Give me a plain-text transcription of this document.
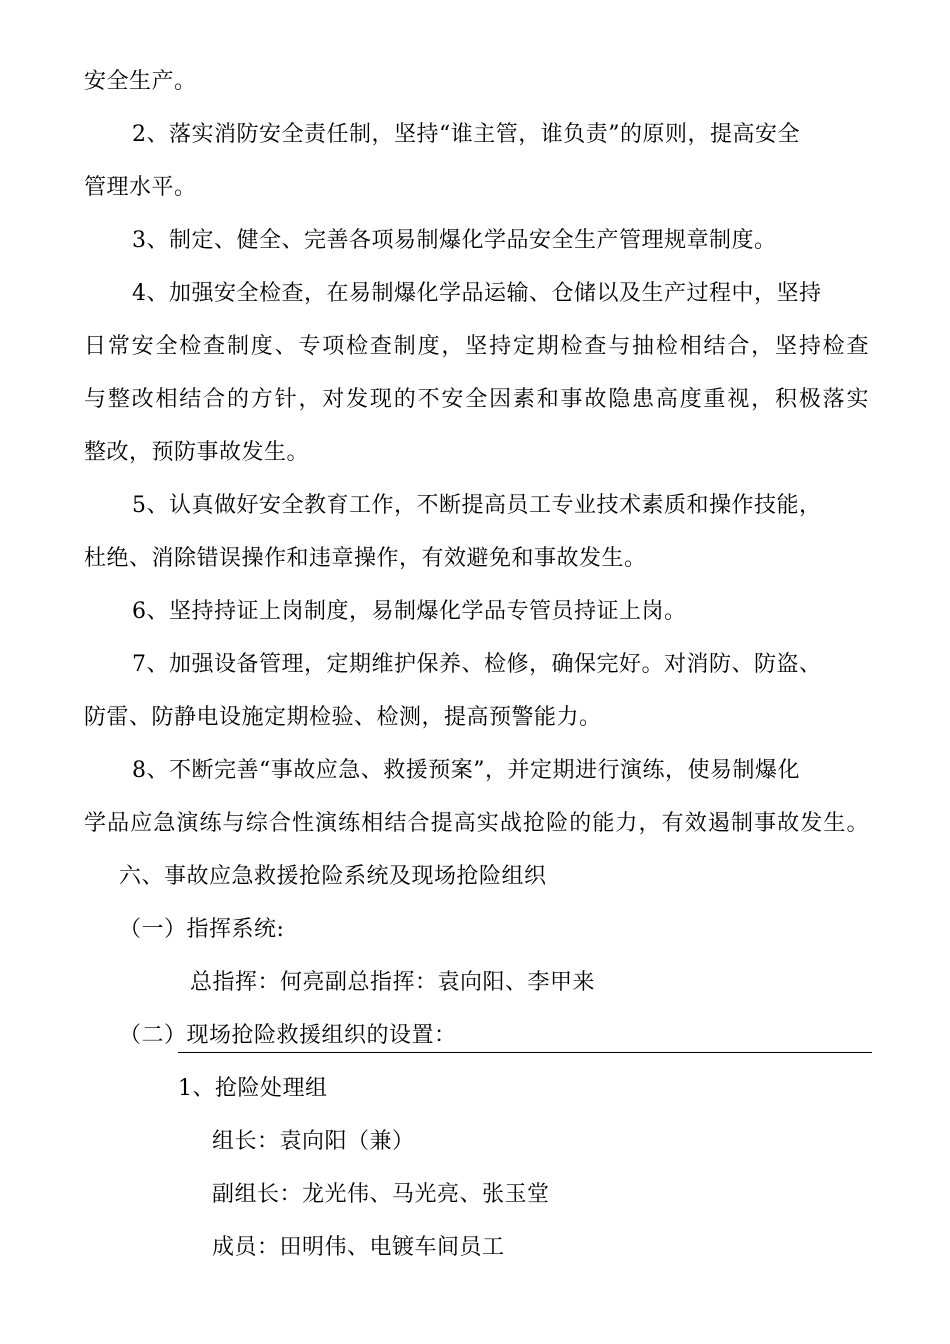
安全生产。
2、落实消防安全责任制，坚持“谁主管，谁负责”的原则，提高安全
管理水平。
3、制定、健全、完善各项易制爆化学品安全生产管理规章制度。
4、加强安全检查，在易制爆化学品运输、仓储以及生产过程中，坚持
日常安全检查制度、专项检查制度，坚持定期检查与抽检相结合，坚持检查
与整改相结合的方针，对发现的不安全因素和事故隐患高度重视，积极落实
整改，预防事故发生。
5、认真做好安全教育工作，不断提高员工专业技术素质和操作技能，
杜绝、消除错误操作和违章操作，有效避免和事故发生。
6、坚持持证上岗制度，易制爆化学品专管员持证上岗。
7、加强设备管理，定期维护保养、检修，确保完好。对消防、防盗、
防雷、防静电设施定期检验、检测，提高预警能力。
8、不断完善“事故应急、救援预案”，并定期进行演练，使易制爆化
学品应急演练与综合性演练相结合提高实战抢险的能力，有效遏制事故发生。
六、事故应急救援抢险系统及现场抢险组织
（一）指挥系统:
总指挥：何亮副总指挥：袁向阳、李甲来
（二）现场抢险救援组织的设置：
1、抢险处理组
组长：袁向阳（兼）
副组长：龙光伟、马光亮、张玉堂
成员：田明伟、电镀车间员工
